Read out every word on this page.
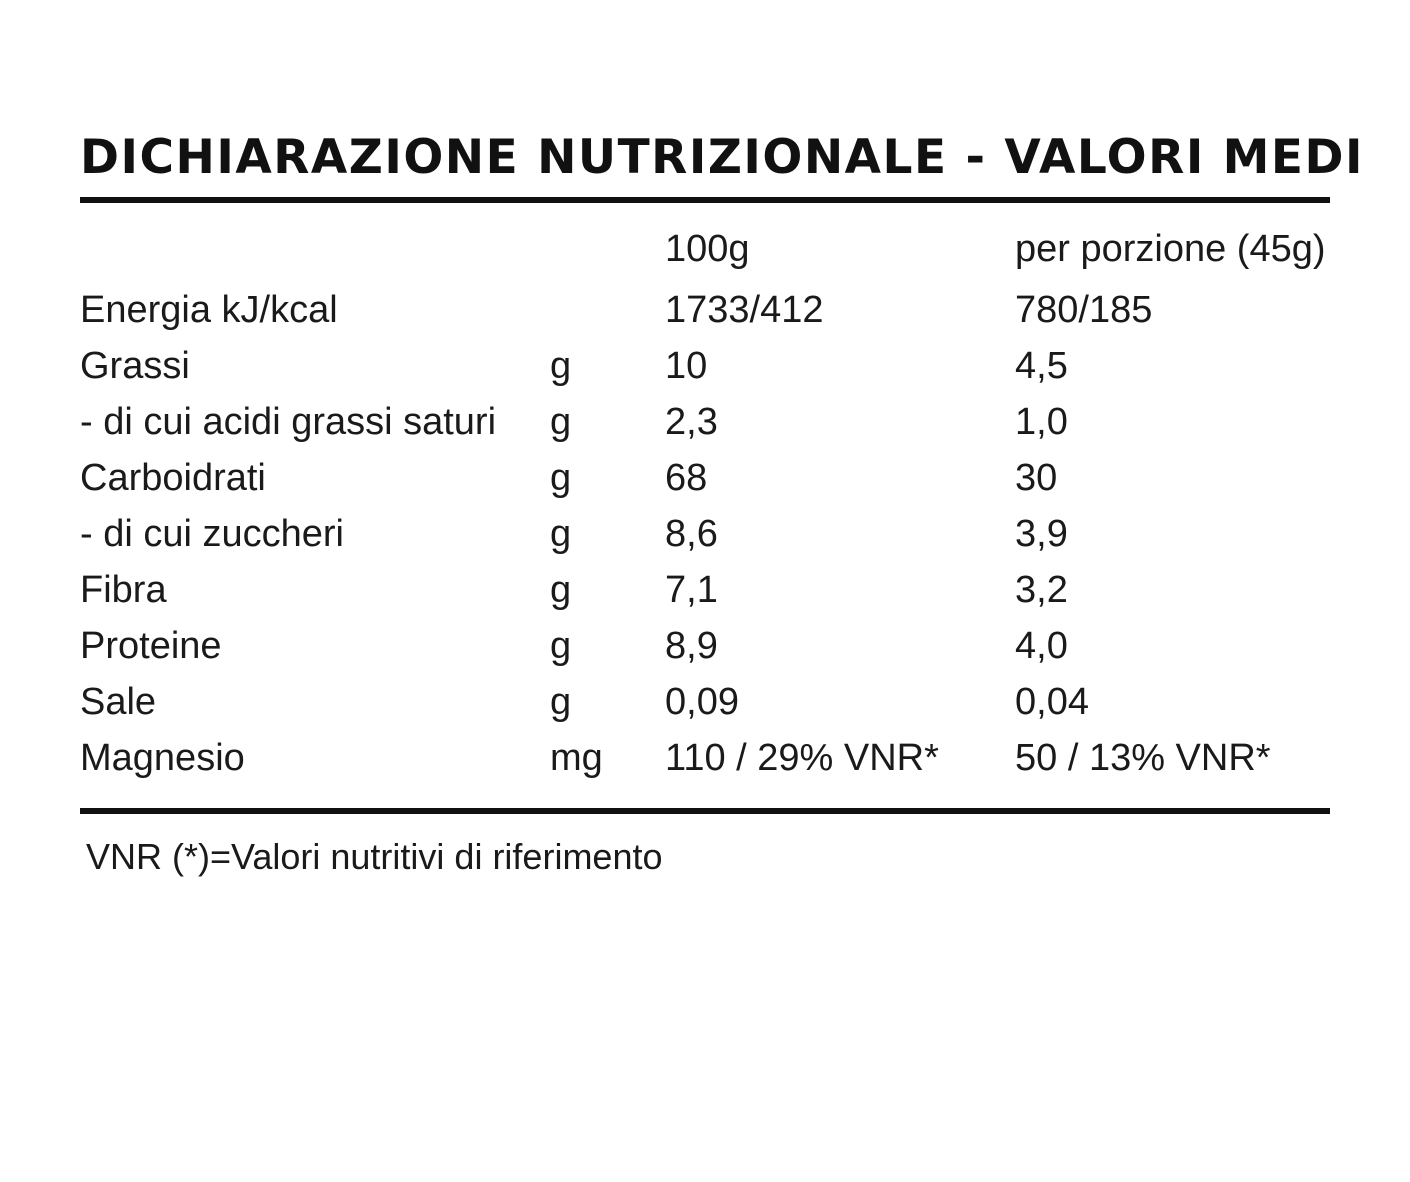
DICHIARAZIONE NUTRIZIONALE - VALORI MEDI
		100g	per porzione (45g)
Energia kJ/kcal		1733/412	780/185
Grassi	g	10	4,5
- di cui acidi grassi saturi	g	2,3	1,0
Carboidrati	g	68	30
- di cui zuccheri	g	8,6	3,9
Fibra	g	7,1	3,2
Proteine	g	8,9	4,0
Sale	g	0,09	0,04
Magnesio	mg	110 / 29% VNR*	50 / 13% VNR*
VNR (*)=Valori nutritivi di riferimento
